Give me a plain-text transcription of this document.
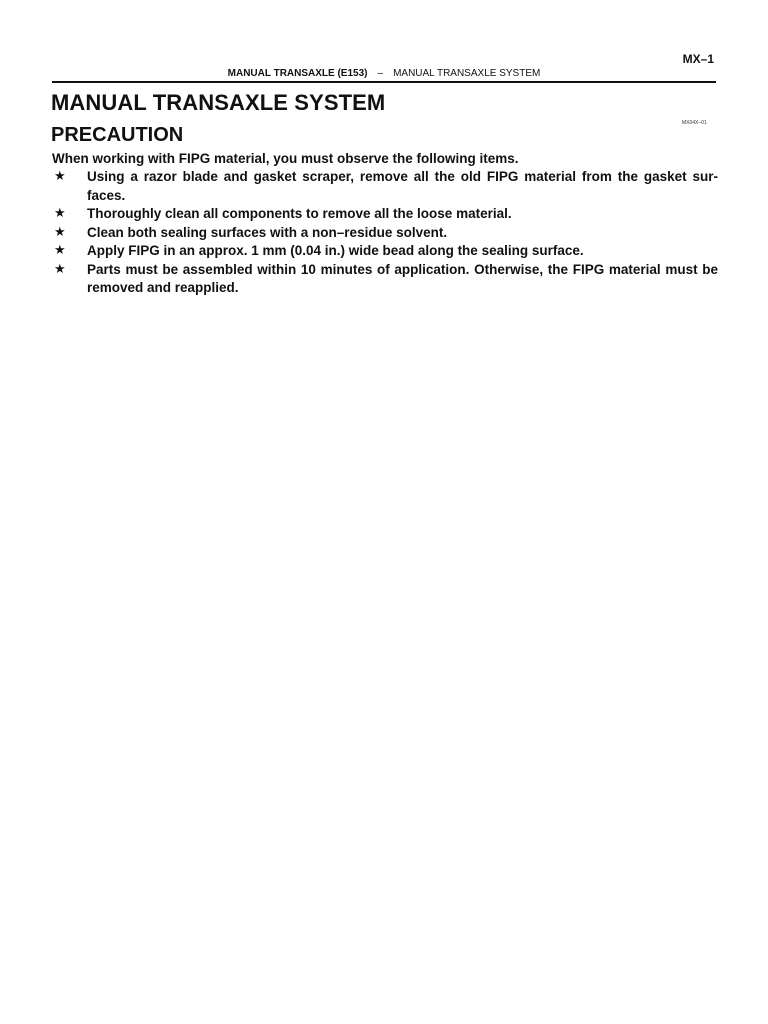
MX–1
MANUAL TRANSAXLE (E153) – MANUAL TRANSAXLE SYSTEM
MANUAL TRANSAXLE SYSTEM
PRECAUTION
MX04X–01

When working with FIPG material, you must observe the following items.

★ Using a razor blade and gasket scraper, remove all the old FIPG material from the gasket sur-faces.
★ Thoroughly clean all components to remove all the loose material.
★ Clean both sealing surfaces with a non–residue solvent.
★ Apply FIPG in an approx. 1 mm (0.04 in.) wide bead along the sealing surface.
★ Parts must be assembled within 10 minutes of application. Otherwise, the FIPG material must be removed and reapplied.
